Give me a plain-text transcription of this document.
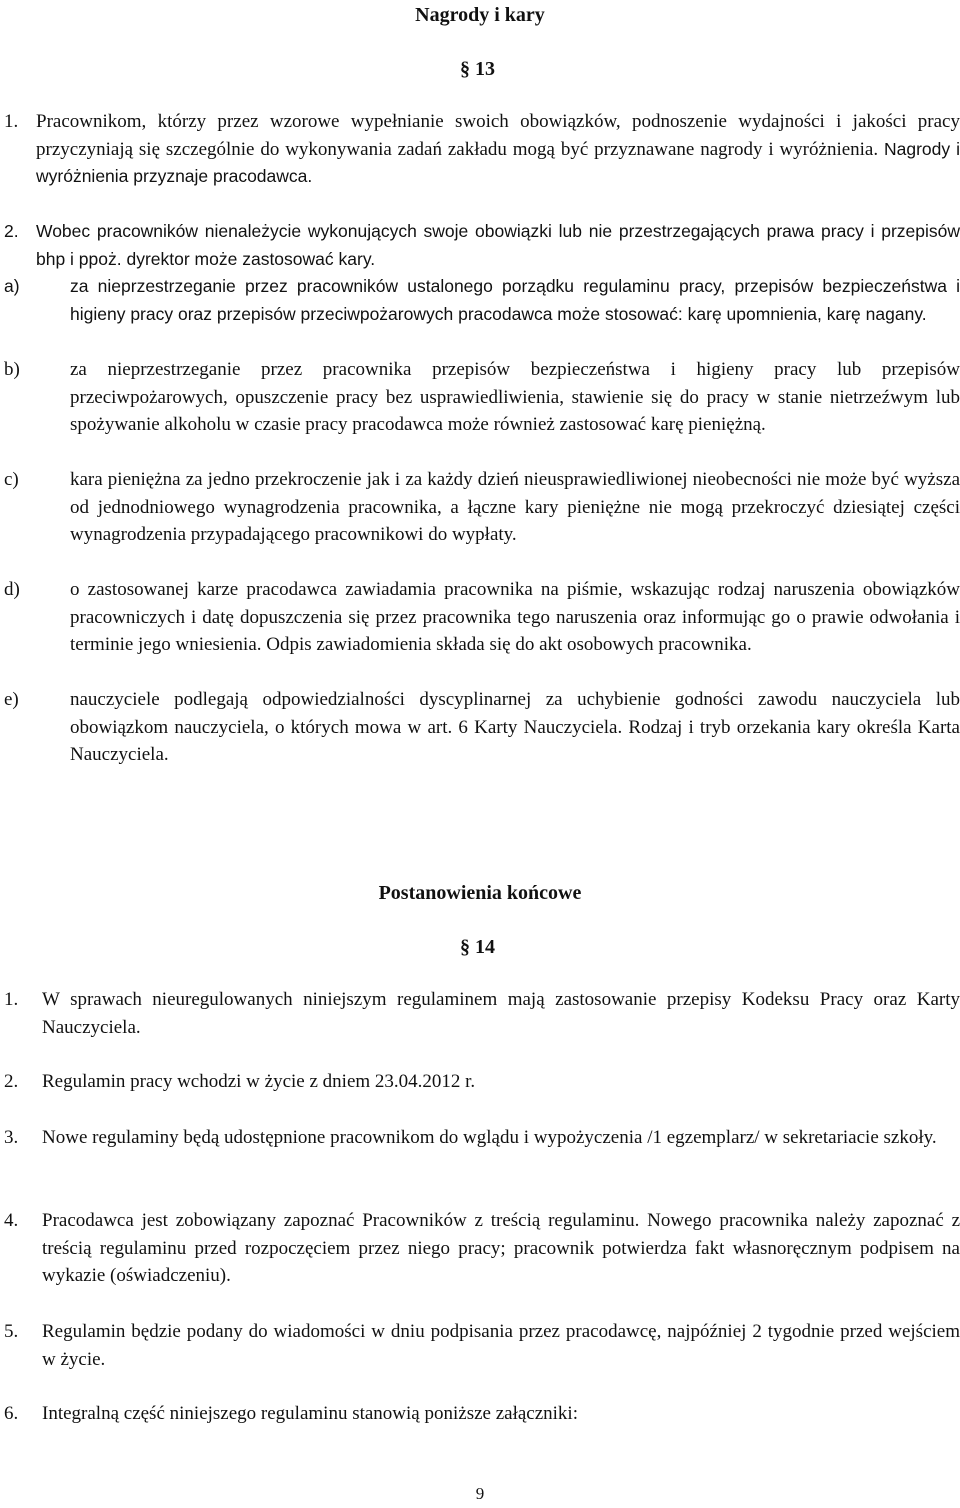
Nagrody i kary
§ 13
1. Pracownikom, którzy przez wzorowe wypełnianie swoich obowiązków, podnoszenie wydajności i jakości pracy przyczyniają się szczególnie do wykonywania zadań zakładu mogą być przyznawane nagrody i wyróżnienia. Nagrody i wyróżnienia przyznaje pracodawca.
2. Wobec pracowników nienależycie wykonujących swoje obowiązki lub nie przestrzegających prawa pracy i przepisów bhp i ppoż. dyrektor może zastosować kary.
a)	za nieprzestrzeganie przez pracowników ustalonego porządku regulaminu pracy, przepisów bezpieczeństwa i higieny pracy oraz przepisów przeciwpożarowych pracodawca może stosować: karę upomnienia, karę nagany.
b)	za nieprzestrzeganie przez pracownika przepisów bezpieczeństwa i higieny pracy lub przepisów przeciwpożarowych, opuszczenie pracy bez usprawiedliwienia, stawienie się do pracy w stanie nietrzeźwym lub spożywanie alkoholu w czasie pracy pracodawca może również zastosować karę pieniężną.
c)	kara pieniężna za jedno przekroczenie jak i za każdy dzień nieusprawiedliwionej nieobecności nie może być wyższa od jednodniowego wynagrodzenia pracownika, a łączne kary pieniężne nie mogą przekroczyć dziesiątej części wynagrodzenia przypadającego pracownikowi do wypłaty.
d)	o zastosowanej karze pracodawca zawiadamia pracownika na piśmie, wskazując rodzaj naruszenia obowiązków pracowniczych i datę dopuszczenia się przez pracownika tego naruszenia oraz informując go o prawie odwołania i terminie jego wniesienia. Odpis zawiadomienia składa się do akt osobowych pracownika.
e)	nauczyciele podlegają odpowiedzialności dyscyplinarnej za uchybienie godności zawodu nauczyciela lub obowiązkom nauczyciela, o których mowa w art. 6 Karty Nauczyciela. Rodzaj i tryb orzekania kary określa Karta Nauczyciela.
Postanowienia końcowe
§ 14
1. W sprawach nieuregulowanych niniejszym regulaminem mają zastosowanie przepisy Kodeksu Pracy oraz Karty Nauczyciela.
2. Regulamin pracy wchodzi w życie z dniem 23.04.2012 r.
3. Nowe regulaminy będą udostępnione pracownikom do wglądu i wypożyczenia /1 egzemplarz/ w sekretariacie szkoły.
4. Pracodawca jest zobowiązany zapoznać Pracowników z treścią regulaminu. Nowego pracownika należy zapoznać z treścią regulaminu przed rozpoczęciem przez niego pracy; pracownik potwierdza fakt własnoręcznym podpisem na wykazie (oświadczeniu).
5. Regulamin będzie podany do wiadomości w dniu podpisania przez pracodawcę, najpóźniej 2 tygodnie przed wejściem w życie.
6. Integralną część niniejszego regulaminu stanowią poniższe załączniki:
9
